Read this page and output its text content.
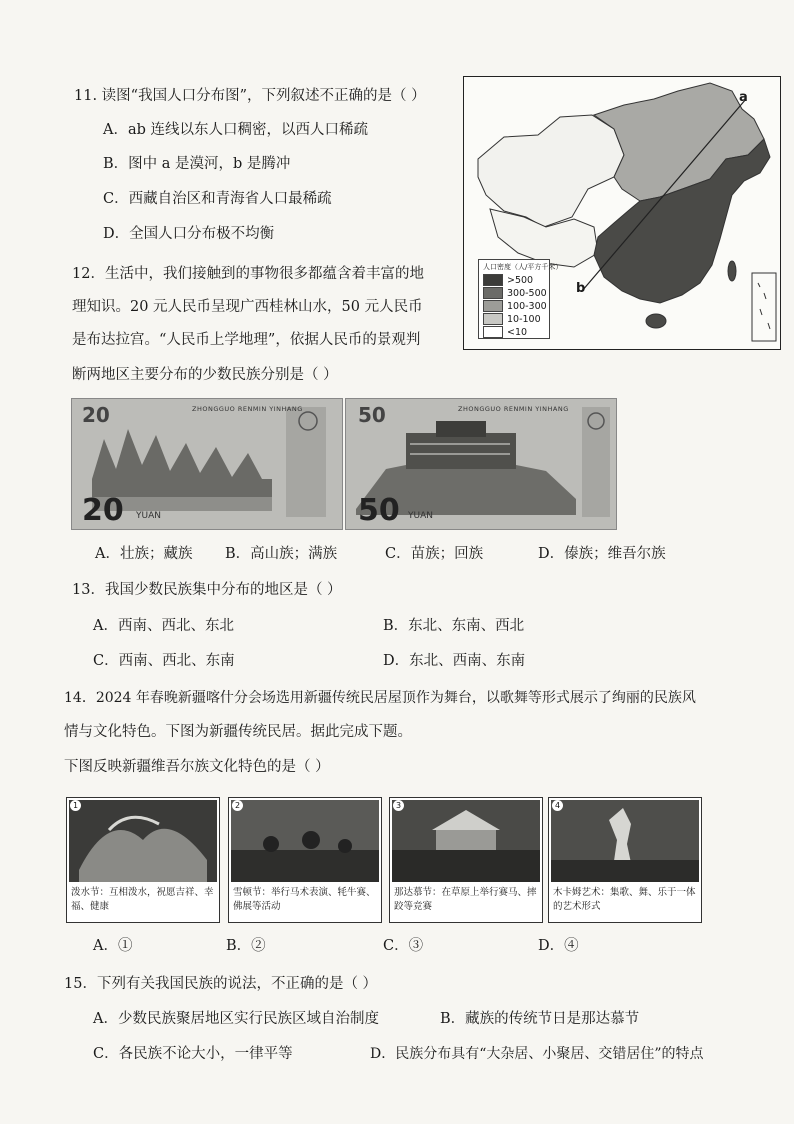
11. 读图“我国人口分布图”，下列叙述不正确的是（ ）
A．ab 连线以东人口稠密，以西人口稀疏
B．图中 a 是漠河，b 是腾冲
C．西藏自治区和青海省人口最稀疏
D．全国人口分布极不均衡
a
b
人口密度（人/平方千米）
>500
300-500
100-300
10-100
<10
12．生活中，我们接触到的事物很多都蕴含着丰富的地
理知识。20 元人民币呈现广西桂林山水，50 元人民币
是布达拉宫。“人民币上学地理”，依据人民币的景观判
断两地区主要分布的少数民族分别是（ ）
20	ZHONGGUO RENMIN YINHANG
20 YUAN
50	ZHONGGUO RENMIN YINHANG
50 YUAN
A．壮族；藏族 B．高山族；满族	C．苗族；回族	D．傣族；维吾尔族
13．我国少数民族集中分布的地区是（ ）
A．西南、西北、东北	B．东北、东南、西北
C．西南、西北、东南	D．东北、西南、东南
14．2024 年春晚新疆喀什分会场选用新疆传统民居屋顶作为舞台，以歌舞等形式展示了绚丽的民族风
情与文化特色。下图为新疆传统民居。据此完成下题。
下图反映新疆维吾尔族文化特色的是（ ）
1
泼水节：互相泼水，祝愿吉祥、幸福、健康
2
雪顿节：举行马术表演、牦牛赛、佛展等活动
3
那达慕节：在草原上举行赛马、摔跤等竞赛
4
木卡姆艺术：集歌、舞、乐于一体的艺术形式
A．①	B．②	C．③	D．④
15．下列有关我国民族的说法，不正确的是（ ）
A．少数民族聚居地区实行民族区域自治制度	B．藏族的传统节日是那达慕节
C．各民族不论大小，一律平等	D．民族分布具有“大杂居、小聚居、交错居住”的特点
